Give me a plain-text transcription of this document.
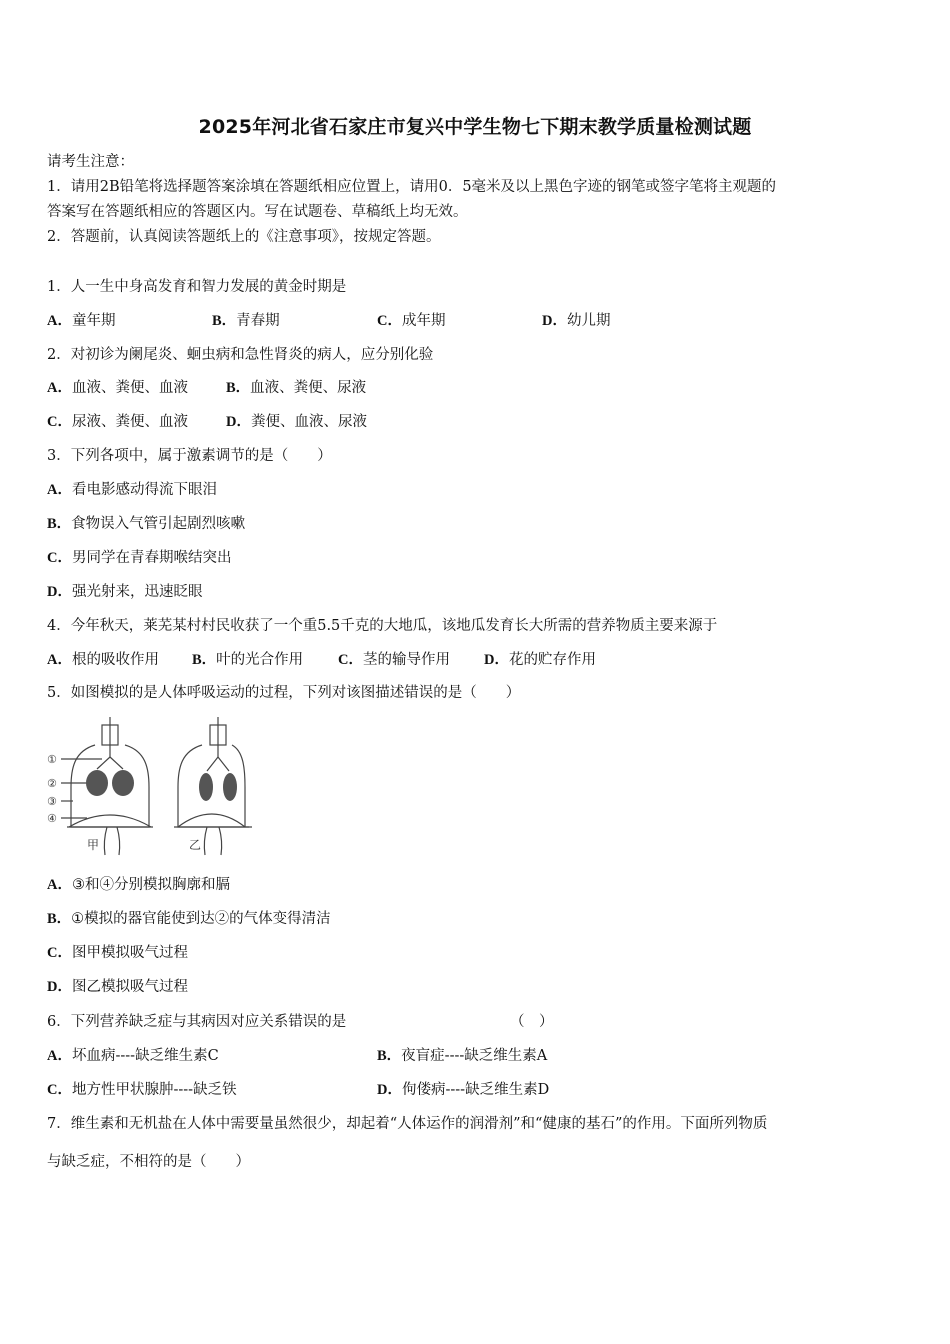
2025年河北省石家庄市复兴中学生物七下期末教学质量检测试题
请考生注意：
1．请用2B铅笔将选择题答案涂填在答题纸相应位置上，请用0．5毫米及以上黑色字迹的钢笔或签字笔将主观题的
答案写在答题纸相应的答题区内。写在试题卷、草稿纸上均无效。
2．答题前，认真阅读答题纸上的《注意事项》，按规定答题。
1．人一生中身高发育和智力发展的黄金时期是
A．童年期	B．青春期	C．成年期	D．幼儿期
2．对初诊为阑尾炎、蛔虫病和急性肾炎的病人，应分别化验
A．血液、粪便、血液	B．血液、粪便、尿液
C．尿液、粪便、血液	D．粪便、血液、尿液
3．下列各项中，属于激素调节的是（　　）
A．看电影感动得流下眼泪
B．食物误入气管引起剧烈咳嗽
C．男同学在青春期喉结突出
D．强光射来，迅速眨眼
4．今年秋天，莱芜某村村民收获了一个重5.5千克的大地瓜，该地瓜发育长大所需的营养物质主要来源于
A．根的吸收作用 B．叶的光合作用 C．茎的输导作用 D．花的贮存作用
5．如图模拟的是人体呼吸运动的过程，下列对该图描述错误的是（　　）
①
②
③
④
甲	乙
A．③和④分别模拟胸廓和膈
B．①模拟的器官能使到达②的气体变得清洁
C．图甲模拟吸气过程
D．图乙模拟吸气过程
6．下列营养缺乏症与其病因对应关系错误的是	（　）
A．坏血病----缺乏维生素C	B．夜盲症----缺乏维生素A
C．地方性甲状腺肿----缺乏铁	D．佝偻病----缺乏维生素D
7．维生素和无机盐在人体中需要量虽然很少，却起着“人体运作的润滑剂”和“健康的基石”的作用。下面所列物质
与缺乏症，不相符的是（　　）
